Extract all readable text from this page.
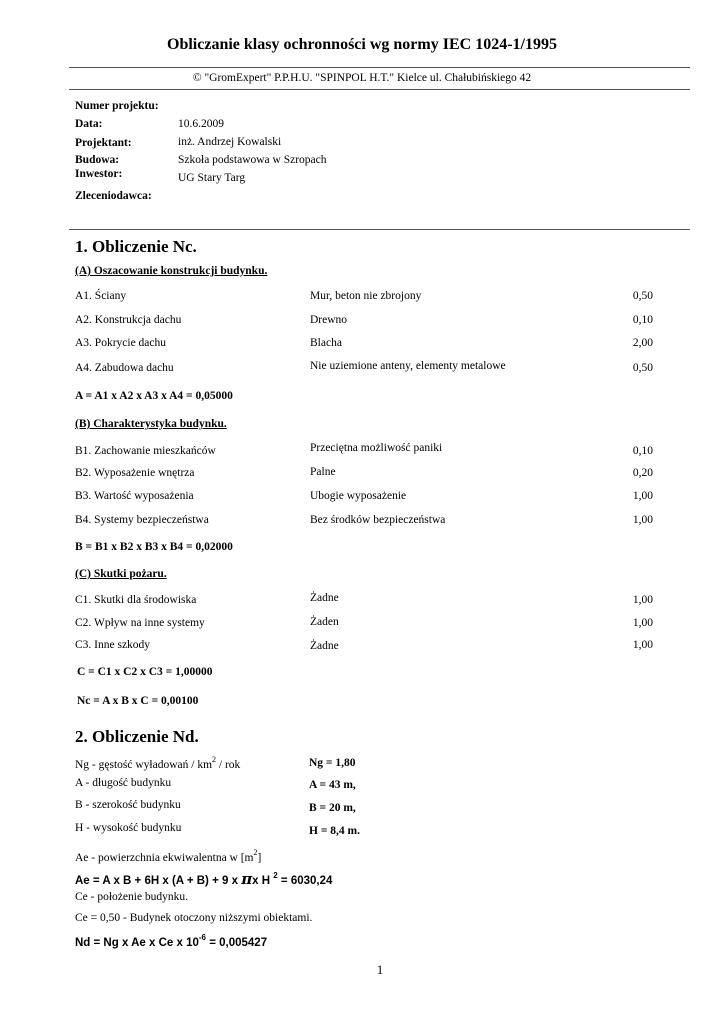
Obliczanie klasy ochronności wg normy IEC 1024-1/1995
© "GromExpert" P.P.H.U. "SPINPOL H.T." Kielce ul. Chałubińskiego 42
Numer projektu:
Data:	10.6.2009
Projektant:	inż. Andrzej Kowalski
Budowa:	Szkoła podstawowa w Szropach
Inwestor:	UG Stary Targ
Zleceniodawca:
1. Obliczenie Nc.
(A) Oszacowanie konstrukcji budynku.
A1. Ściany	Mur, beton nie zbrojony	0,50
A2. Konstrukcja dachu	Drewno	0,10
A3. Pokrycie dachu	Blacha	2,00
A4. Zabudowa dachu	Nie uziemione anteny, elementy metalowe	0,50
A = A1 x A2 x A3 x A4 = 0,05000
(B) Charakterystyka budynku.
B1. Zachowanie mieszkańców	Przeciętna możliwość paniki	0,10
B2. Wyposażenie wnętrza	Palne	0,20
B3. Wartość wyposażenia	Ubogie wyposażenie	1,00
B4. Systemy bezpieczeństwa	Bez środków bezpieczeństwa	1,00
B = B1 x B2 x B3 x B4 = 0,02000
(C) Skutki pożaru.
C1. Skutki dla środowiska	Żadne	1,00
C2. Wpływ na inne systemy	Żaden	1,00
C3. Inne szkody	Żadne	1,00
C = C1 x C2 x C3 = 1,00000
Nc = A x B x C = 0,00100
2. Obliczenie Nd.
Ng - gęstość wyładowań / $km^2$ / rok	Ng = 1,80
A - długość budynku	A = 43 m,
B - szerokość budynku	B = 20 m,
H - wysokość budynku	H = 8,4 m.
Ae - powierzchnia ekwiwalentna w $[m^2]$
Ae = A x B + 6H x (A + B) + 9 x πx H $^2$ = 6030,24
Ce - położenie budynku.
Ce = 0,50 - Budynek otoczony niższymi obiektami.
Nd = Ng x Ae x Ce x $10^{-6} = 0,005427$
1
